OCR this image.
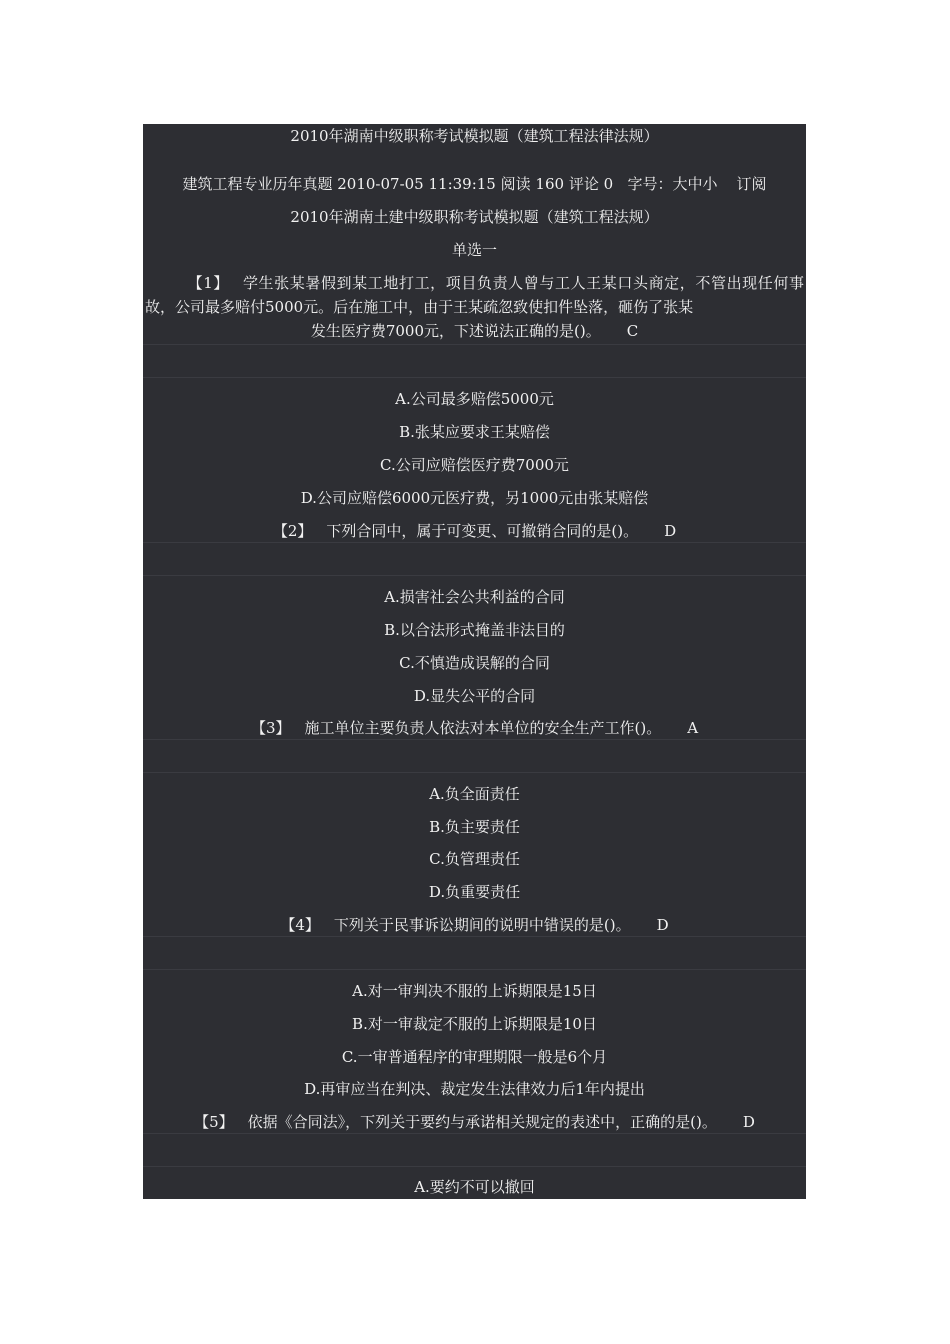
2010年湖南中级职称考试模拟题（建筑工程法律法规）
建筑工程专业历年真题 2010-07-05 11:39:15 阅读 160 评论 0 字号：大中小 订阅
2010年湖南土建中级职称考试模拟题（建筑工程法规）
单选一
【1】 学生张某暑假到某工地打工，项目负责人曾与工人王某口头商定，不管出现任何事故，公司最多赔付5000元。后在施工中，由于王某疏忽致使扣件坠落，砸伤了张某
发生医疗费7000元，下述说法正确的是()。 C
A.公司最多赔偿5000元
B.张某应要求王某赔偿
C.公司应赔偿医疗费7000元
D.公司应赔偿6000元医疗费，另1000元由张某赔偿
【2】 下列合同中，属于可变更、可撤销合同的是()。 D
A.损害社会公共利益的合同
B.以合法形式掩盖非法目的
C.不慎造成误解的合同
D.显失公平的合同
【3】 施工单位主要负责人依法对本单位的安全生产工作()。 A
A.负全面责任
B.负主要责任
C.负管理责任
D.负重要责任
【4】 下列关于民事诉讼期间的说明中错误的是()。 D
A.对一审判决不服的上诉期限是15日
B.对一审裁定不服的上诉期限是10日
C.一审普通程序的审理期限一般是6个月
D.再审应当在判决、裁定发生法律效力后1年内提出
【5】 依据《合同法》，下列关于要约与承诺相关规定的表述中，正确的是()。 D
A.要约不可以撤回
